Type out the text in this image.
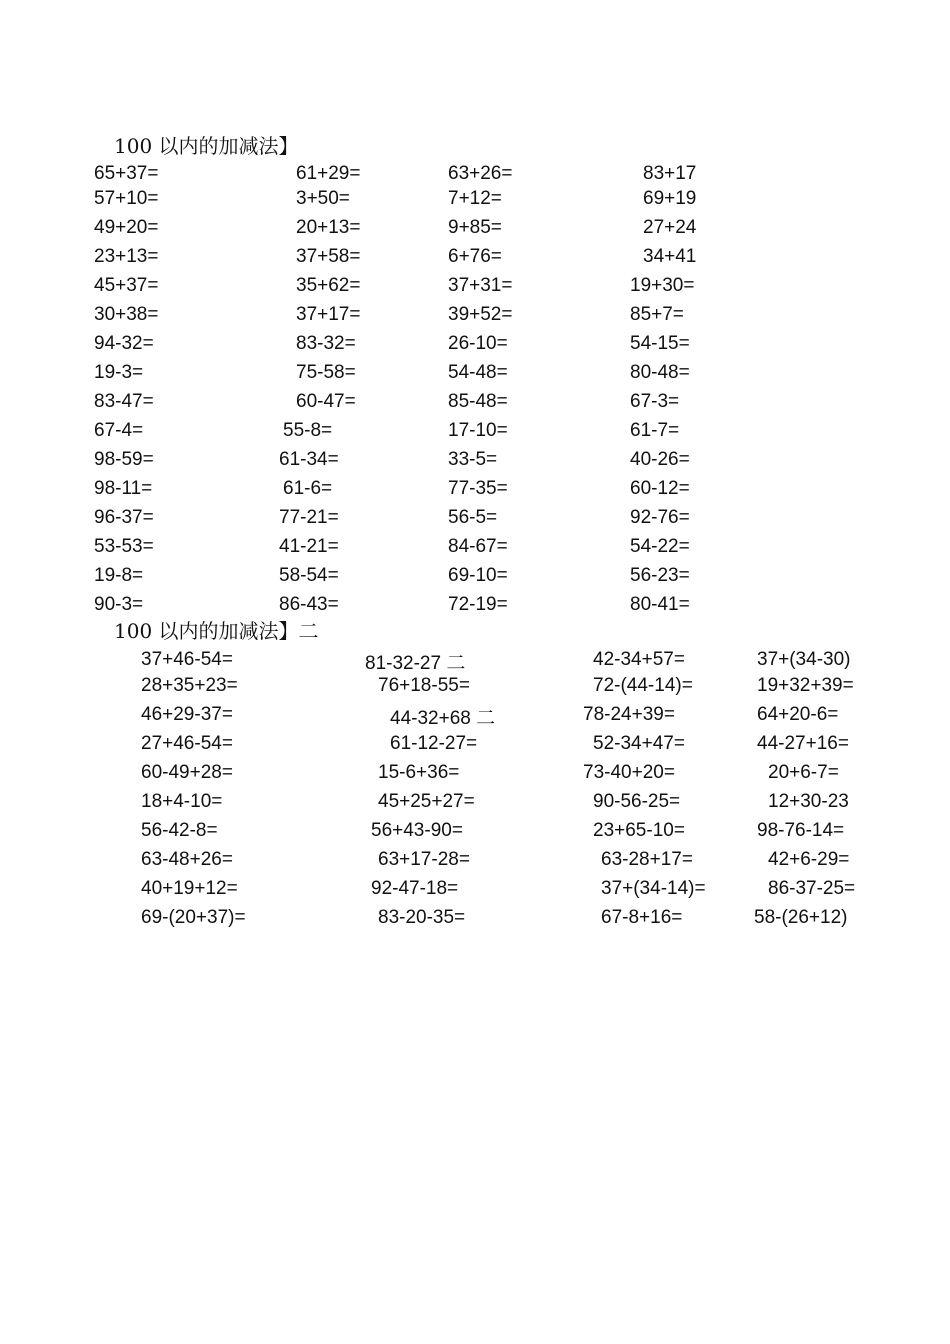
100 以内的加减法】
65+37=	61+29=	63+26=	83+17
57+10=	3+50=	7+12=	69+19
49+20=	20+13=	9+85=	27+24
23+13=	37+58=	6+76=	34+41
45+37=	35+62=	37+31=	19+30=
30+38=	37+17=	39+52=	85+7=
94-32=	83-32=	26-10=	54-15=
19-3=	75-58=	54-48=	80-48=
83-47=	60-47=	85-48=	67-3=
67-4=	55-8=	17-10=	61-7=
98-59=	61-34=	33-5=	40-26=
98-11=	61-6=	77-35=	60-12=
96-37=	77-21=	56-5=	92-76=
53-53=	41-21=	84-67=	54-22=
19-8=	58-54=	69-10=	56-23=
90-3=	86-43=	72-19=	80-41=
100 以内的加减法】二
37+46-54=	81-32-27 二	42-34+57=	37+(34-30)
28+35+23=	76+18-55=	72-(44-14)=	19+32+39=
46+29-37=	44-32+68 二	78-24+39=	64+20-6=
27+46-54=	61-12-27=	52-34+47=	44-27+16=
60-49+28=	15-6+36=	73-40+20=	20+6-7=
18+4-10=	45+25+27=	90-56-25=	12+30-23
56-42-8=	56+43-90=	23+65-10=	98-76-14=
63-48+26=	63+17-28=	63-28+17=	42+6-29=
40+19+12=	92-47-18=	37+(34-14)=	86-37-25=
69-(20+37)=	83-20-35=	67-8+16=	58-(26+12)
